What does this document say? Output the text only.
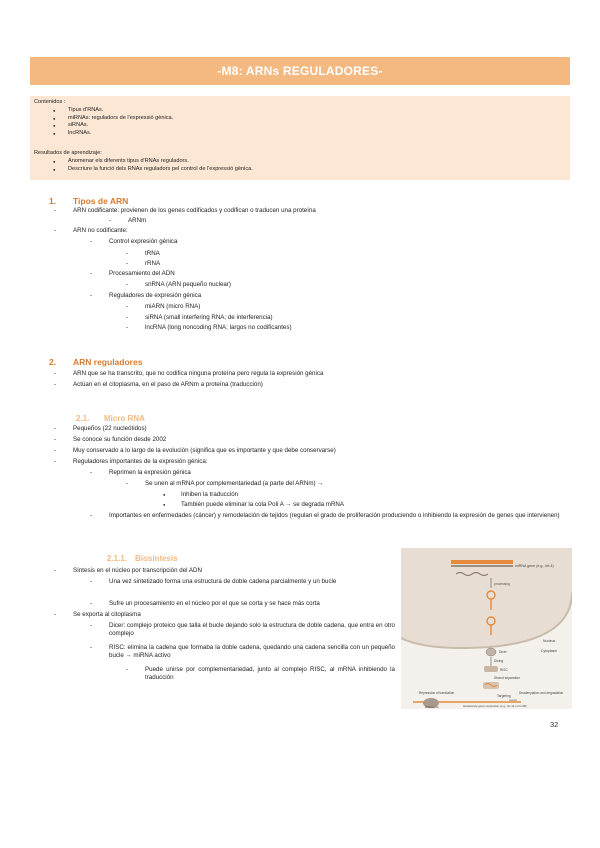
-M8: ARNs REGULADORES-
Contenidos :
● Tipus d'RNAs.
● miRNAs: reguladors de l'expressió gènica.
● siRNAs.
● lncRNAs.
Resultados de aprendizaje:
● Anomenar els diferents tipus d'RNAs reguladors.
● Descriure la funció dels RNAs reguladors pel control de l'expressió gènica.
1. Tipos de ARN
-	ARN codificante: provienen de los genes codificados y codifican o traducen una proteína
-	ARNm
-	ARN no codificante:
-	Control expresión génica
-	tRNA
-	rRNA
-	Procesamiento del ADN
-	snRNA (ARN pequeño nuclear)
-	Reguladores de expresión génica
-	miARN (micro RNA)
-	siRNA (small interfering RNA; de interferencia)
-	lncRNA (long noncoding RNA; largos no codificantes)
2. ARN reguladores
-	ARN que se ha transcrito, que no codifica ninguna proteína pero regula la expresión génica
-	Actúan en el citoplasma, en el paso de ARNm a proteína (traducción)
2.1. Micro RNA
-	Pequeños (22 nucleótidos)
-	Se conoce su función desde 2002
-	Muy conservado a lo largo de la evolución (significa que es importante y que debe conservarse)
-	Reguladores importantes de la expresión génica:
-	Reprimen la expresión génica
-	Se unen al mRNA por complementariedad (a parte del ARNm) →
●	Inhiben la traducción
●	También puede eliminar la cola Poli A → se degrada mRNA
-	Importantes en enfermedades (cáncer) y remodelación de tejidos (regulan el grado de proliferación produciendo o inhibiendo la expresión de genes que intervienen)
2.1.1. Biosíntesis
-	Síntesis en el núcleo por transcripción del ADN
-	Una vez sintetizado forma una estructura de doble cadena parcialmente y un bucle
-	Sufre un procesamiento en el núcleo por el que se corta y se hace más corta
-	Se exporta al citoplasma
-	Dicer: complejo proteico que talla el bucle dejando solo la estructura de doble cadena, que entra en otro complejo
-	RISC: elimina la cadena que formaba la doble cadena, quedando una cadena sencilla con un pequeño bucle → miRNA activo
-	Puede unirse por complementariedad, junto al complejo RISC, al mRNA inhibiendo la traducción
miRNA gene (e.g., let-4)
processing
Nucleus
Cytoplasm
Dicer
Dicing
RISC
Strand separation
Targeting
Repression of translation	Deadenylation and degradation
AAAA
Ribosome	Hepatocyte gene repression (e.g., lin-14 or lin-28)
32
